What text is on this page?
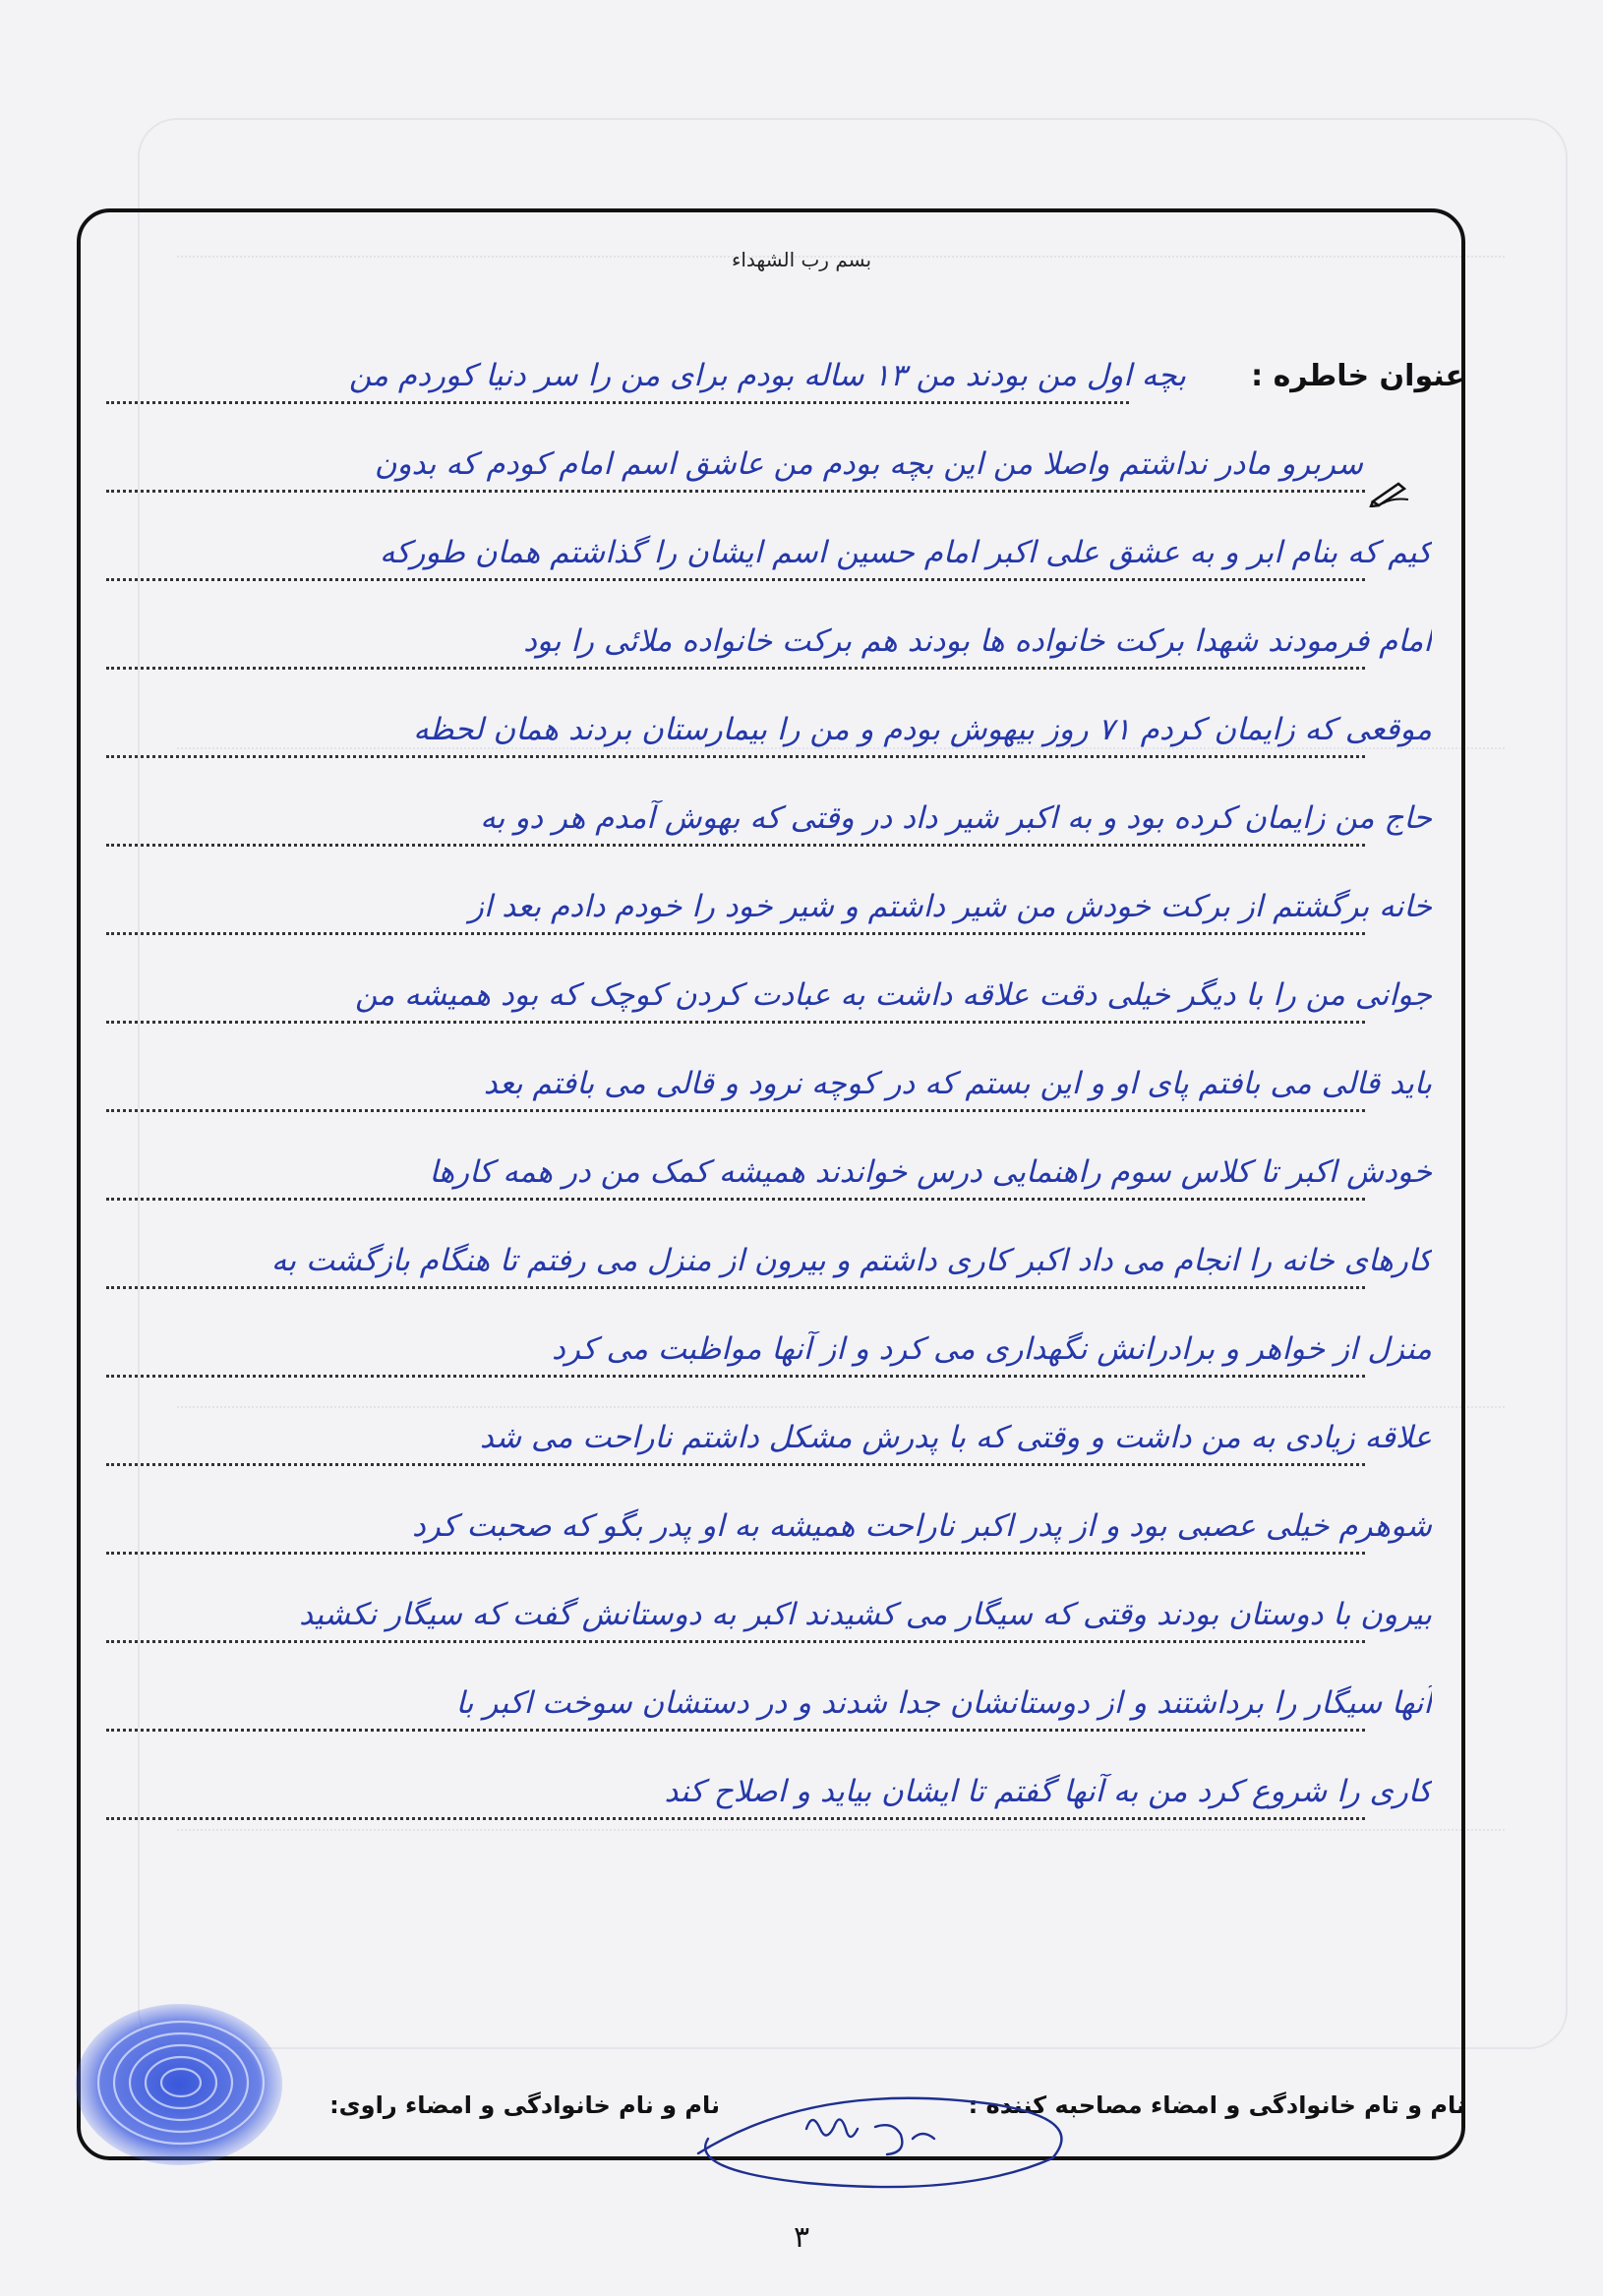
بسم رب الشهداء
عنوان خاطره :
بچه اول من بودند من ۱۳ ساله بودم برای من را سر دنیا کوردم من
سربرو مادر نداشتم واصلا من این بچه بودم من عاشق اسم امام کودم که بدون
کیم که بنام ابر و به عشق علی اکبر امام حسین اسم ایشان را گذاشتم همان طورکه
امام فرمودند شهدا برکت خانواده ها بودند هم برکت خانواده ملائی را بود
موقعی که زایمان کردم ۷۱ روز بیهوش بودم و من را بیمارستان بردند همان لحظه
حاج من زایمان کرده بود و به اکبر شیر داد در وقتی که بهوش آمدم هر دو به
خانه برگشتم از برکت خودش من شیر داشتم و شیر خود را خودم دادم بعد از
جوانی من را با دیگر خیلی دقت علاقه داشت به عبادت کردن کوچک که بود همیشه من
باید قالی می بافتم پای او و این بستم که در کوچه نرود و قالی می بافتم بعد
خودش اکبر تا کلاس سوم راهنمایی درس خواندند همیشه کمک من در همه کارها
کارهای خانه را انجام می داد اکبر کاری داشتم و بیرون از منزل می رفتم تا هنگام بازگشت به
منزل از خواهر و برادرانش نگهداری می کرد و از آنها مواظبت می کرد
علاقه زیادی به من داشت و وقتی که با پدرش مشکل داشتم ناراحت می شد
شوهرم خیلی عصبی بود و از پدر اکبر ناراحت همیشه به او پدر بگو که صحبت کرد
بیرون با دوستان بودند وقتی که سیگار می کشیدند اکبر به دوستانش گفت که سیگار نکشید
آنها سیگار را برداشتند و از دوستانشان جدا شدند و در دستشان سوخت اکبر با
کاری را شروع کرد من به آنها گفتم تا ایشان بیاید و اصلاح کند
نام و تام خانوادگی و امضاء مصاحبه کننده :
نام و نام خانوادگی و امضاء راوی:
۳
